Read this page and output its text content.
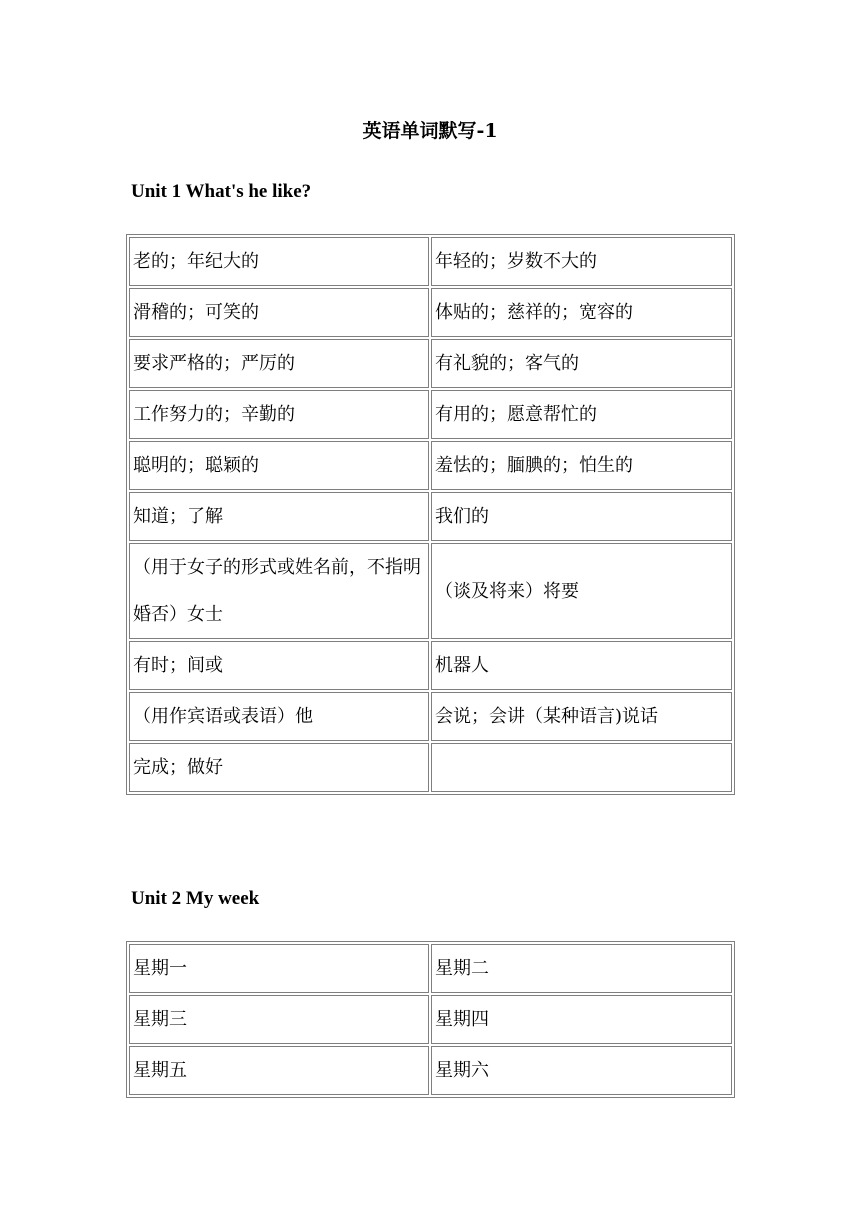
英语单词默写-1
Unit 1 What's he like?
老的；年纪大的	年轻的；岁数不大的
滑稽的；可笑的	体贴的；慈祥的；宽容的
要求严格的；严厉的	有礼貌的；客气的
工作努力的；辛勤的	有用的；愿意帮忙的
聪明的；聪颖的	羞怯的；腼腆的；怕生的
知道；了解	我们的
（用于女子的形式或姓名前，不指明婚否）女士	（谈及将来）将要
有时；间或	机器人
（用作宾语或表语）他	会说；会讲（某种语言)说话
完成；做好	
Unit 2 My week
星期一	星期二
星期三	星期四
星期五	星期六
